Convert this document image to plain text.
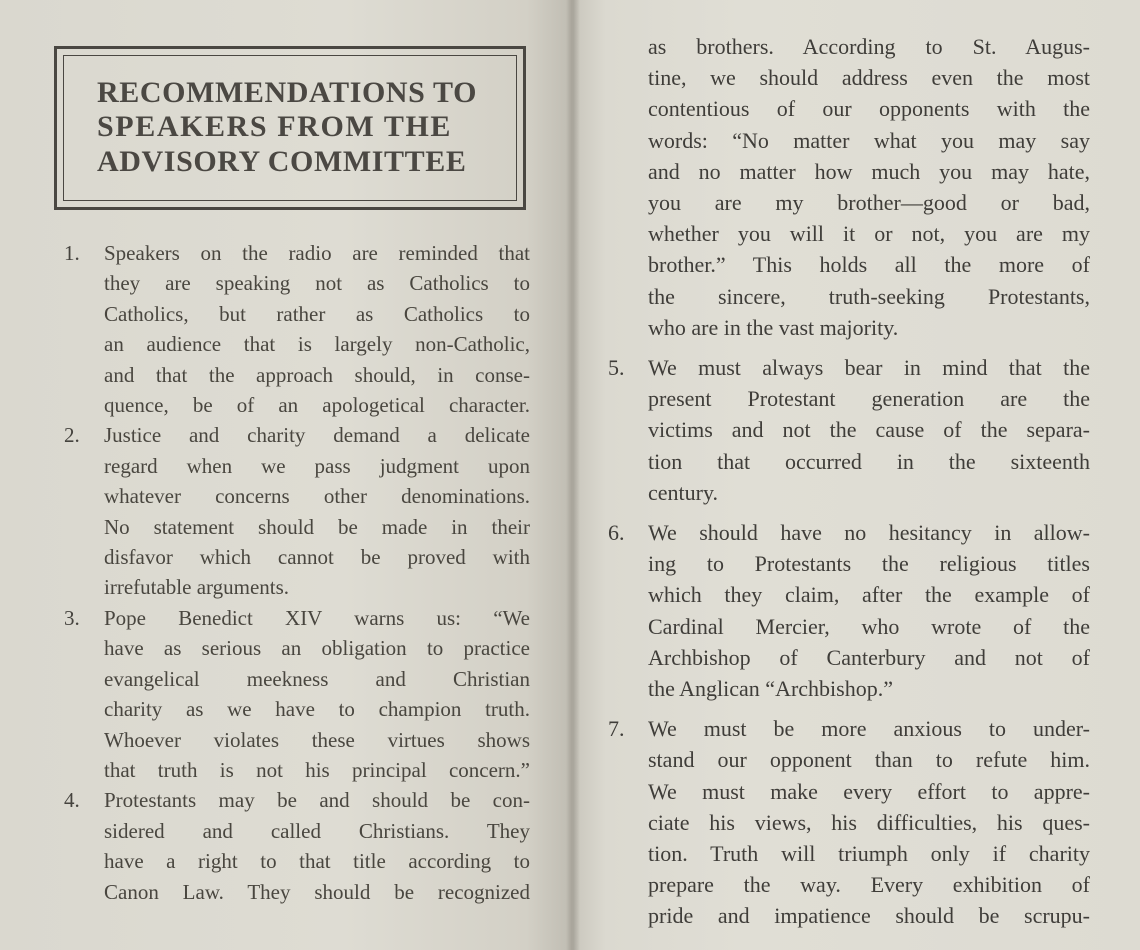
RECOMMENDATIONS TO
SPEAKERS FROM THE
ADVISORY COMMITTEE
1.	Speakers on the radio are reminded that
they are speaking not as Catholics to
Catholics, but rather as Catholics to
an audience that is largely non-Catholic,
and that the approach should, in conse-
quence, be of an apologetical character.
2.	Justice and charity demand a delicate
regard when we pass judgment upon
whatever concerns other denominations.
No statement should be made in their
disfavor which cannot be proved with
irrefutable arguments.
3.	Pope Benedict XIV warns us: “We
have as serious an obligation to practice
evangelical meekness and Christian
charity as we have to champion truth.
Whoever violates these virtues shows
that truth is not his principal concern.”
4.	Protestants may be and should be con-
sidered and called Christians. They
have a right to that title according to
Canon Law. They should be recognized
as brothers. According to St. Augus-
tine, we should address even the most
contentious of our opponents with the
words: “No matter what you may say
and no matter how much you may hate,
you are my brother—good or bad,
whether you will it or not, you are my
brother.” This holds all the more of
the sincere, truth-seeking Protestants,
who are in the vast majority.
5. We must always bear in mind that the
present Protestant generation are the
victims and not the cause of the separa-
tion that occurred in the sixteenth
century.
6. We should have no hesitancy in allow-
ing to Protestants the religious titles
which they claim, after the example of
Cardinal Mercier, who wrote of the
Archbishop of Canterbury and not of
the Anglican “Archbishop.”
7. We must be more anxious to under-
stand our opponent than to refute him.
We must make every effort to appre-
ciate his views, his difficulties, his ques-
tion. Truth will triumph only if charity
prepare the way. Every exhibition of
pride and impatience should be scrupu-
